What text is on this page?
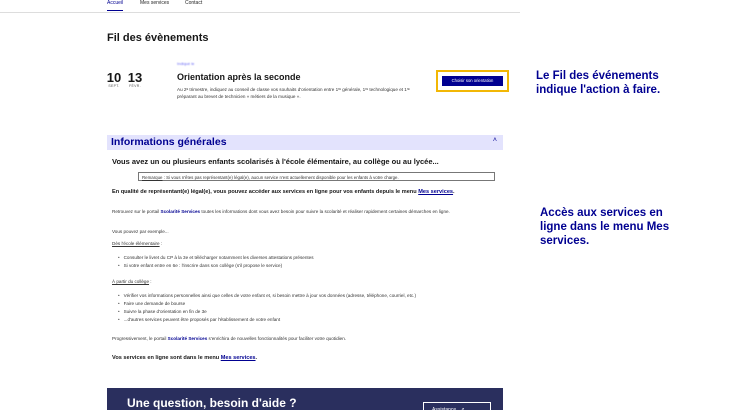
Accueil	Mes services	Contact
Fil des évènements
Indiqué le
10
SEPT.
13
FÉVR.
Orientation après la seconde
Au 2ᵉ trimestre, indiquez au conseil de classe vos souhaits d'orientation entre 1ʳᵉ générale, 1ʳᵉ technologique et 1ʳᵉ préparant au brevet de technicien « métiers de la musique ».
Choisir son orientation	Le Fil des événements indique l'action à faire.
Accès aux services en ligne dans le menu Mes services.
Informations générales	˄
Vous avez un ou plusieurs enfants scolarisés à l'école élémentaire, au collège ou au lycée...
Remarque : Si vous n'êtes pas représentant(e) légal(e), aucun service n'est actuellement disponible pour les enfants à votre charge.
En qualité de représentant(e) légal(e), vous pouvez accéder aux services en ligne pour vos enfants depuis le menu Mes services.
Retrouvez sur le portail Scolarité Services toutes les informations dont vous avez besoin pour suivre la scolarité et réaliser rapidement certaines démarches en ligne.
Vous pouvez par exemple...
Dès l'école élémentaire :
• Consulter le livret du CP à la 3e et télécharger notamment les diverses attestations présentes
• Si votre enfant entre en 6e : l'inscrire dans son collège (s'il propose le service)
À partir du collège :
• Vérifier vos informations personnelles ainsi que celles de votre enfant et, si besoin mettre à jour vos données (adresse, téléphone, courriel, etc.)
• Faire une demande de bourse
• Suivre la phase d'orientation en fin de 3e
• ...d'autres services peuvent être proposés par l'établissement de votre enfant
Progressivement, le portail Scolarité Services s'enrichira de nouvelles fonctionnalités pour faciliter votre quotidien.
Vos services en ligne sont dans le menu Mes services.
Une question, besoin d'aide ?	Assistance ↗
